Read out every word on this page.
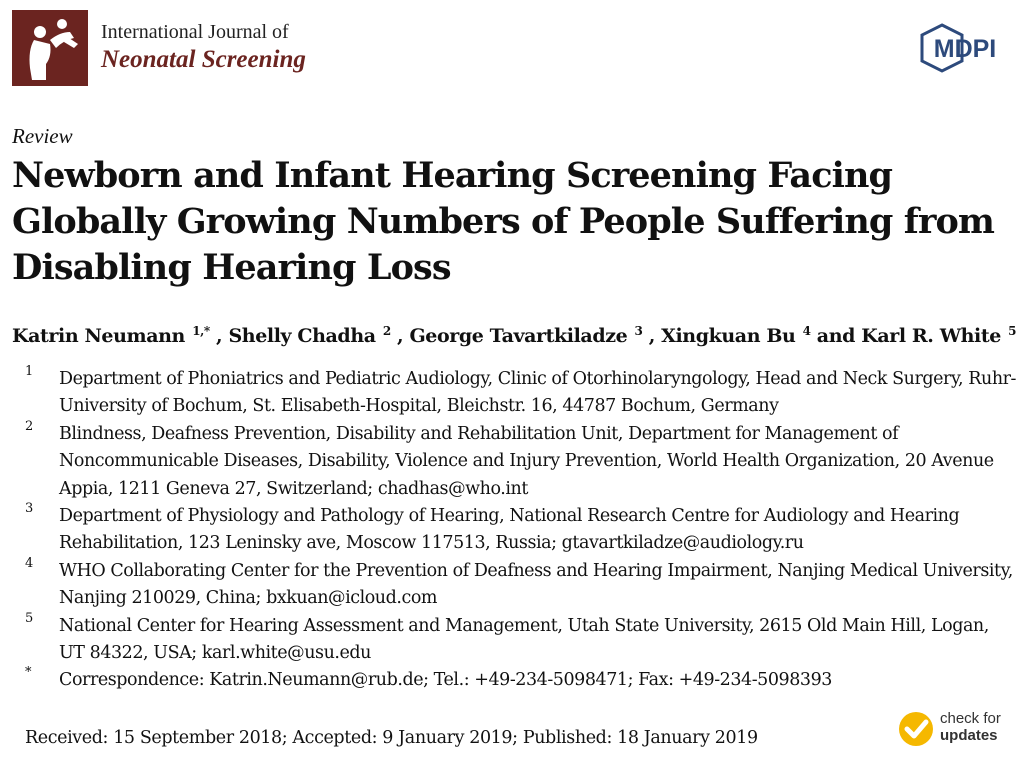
International Journal of
Neonatal Screening	MDPI
Review
Newborn and Infant Hearing Screening Facing Globally Growing Numbers of People Suffering from Disabling Hearing Loss
Katrin Neumann $^{1,*}$ , Shelly Chadha $^2$ , George Tavartkiladze $^3$ , Xingkuan Bu $^4$ and Karl R. White $^5$
1 Department of Phoniatrics and Pediatric Audiology, Clinic of Otorhinolaryngology, Head and Neck Surgery, Ruhr-University of Bochum, St. Elisabeth-Hospital, Bleichstr. 16, 44787 Bochum, Germany
2 Blindness, Deafness Prevention, Disability and Rehabilitation Unit, Department for Management of Noncommunicable Diseases, Disability, Violence and Injury Prevention, World Health Organization, 20 Avenue Appia, 1211 Geneva 27, Switzerland; chadhas@who.int
3 Department of Physiology and Pathology of Hearing, National Research Centre for Audiology and Hearing Rehabilitation, 123 Leninsky ave, Moscow 117513, Russia; gtavartkiladze@audiology.ru
4 WHO Collaborating Center for the Prevention of Deafness and Hearing Impairment, Nanjing Medical University, Nanjing 210029, China; bxkuan@icloud.com
5 National Center for Hearing Assessment and Management, Utah State University, 2615 Old Main Hill, Logan, UT 84322, USA; karl.white@usu.edu
* Correspondence: Katrin.Neumann@rub.de; Tel.: +49-234-5098471; Fax: +49-234-5098393
Received: 15 September 2018; Accepted: 9 January 2019; Published: 18 January 2019
check for
updates
